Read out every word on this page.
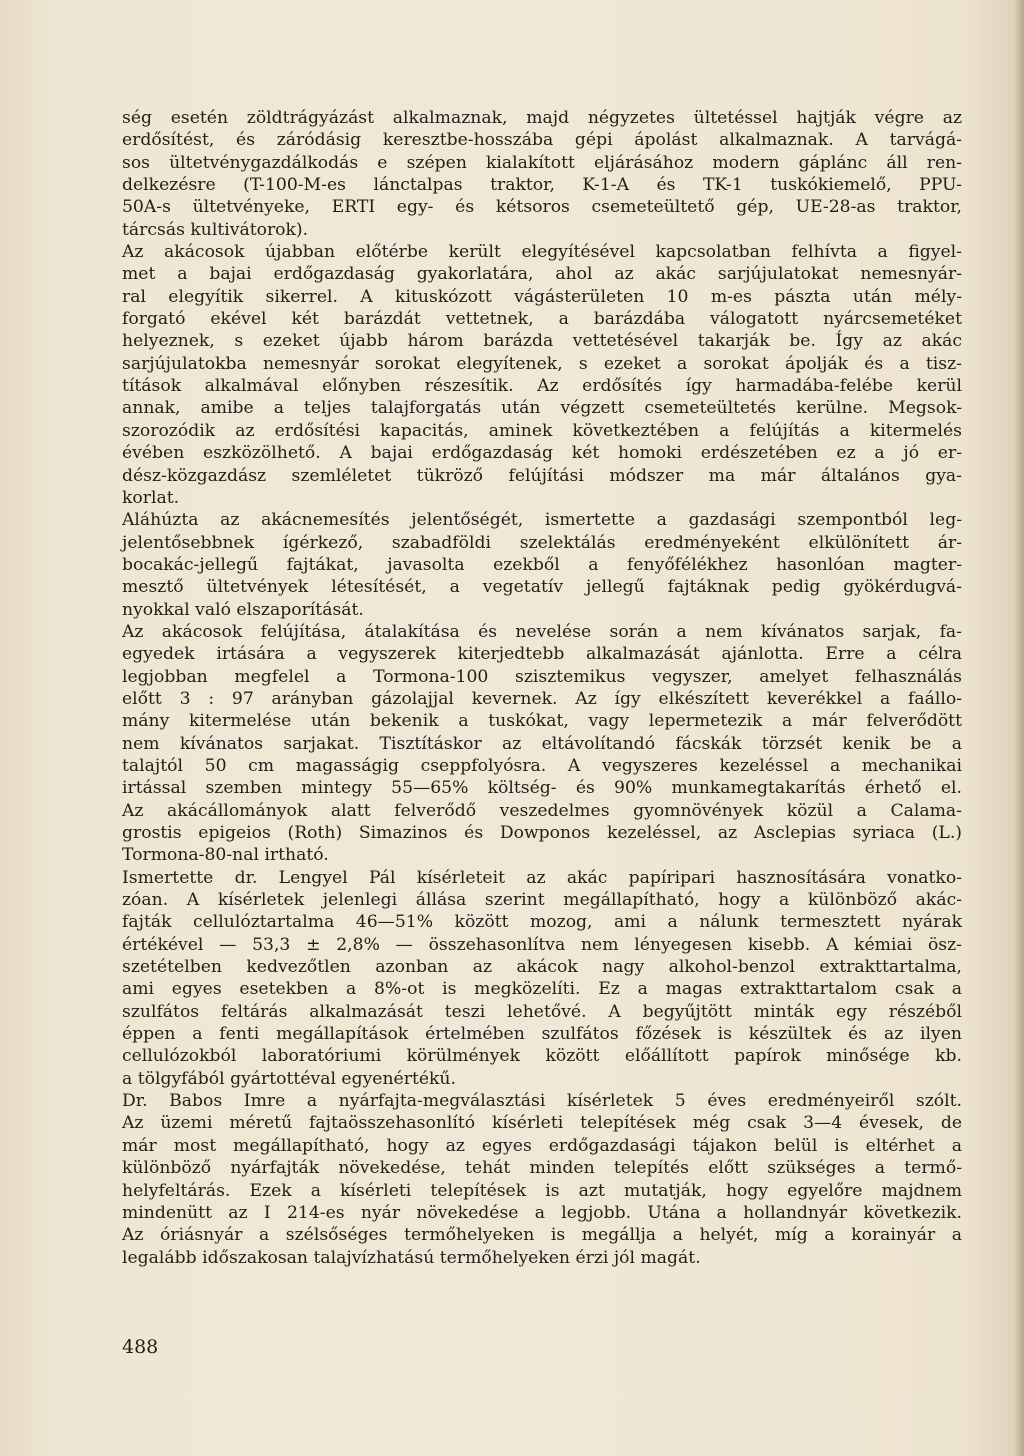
ség esetén zöldtrágyázást alkalmaznak, majd négyzetes ültetéssel hajtják végre az
erdősítést, és záródásig keresztbe-hosszába gépi ápolást alkalmaznak. A tarvágá-
sos ültetvénygazdálkodás e szépen kialakított eljárásához modern gáplánc áll ren-
delkezésre (T-100-M-es lánctalpas traktor, K-1-A és TK-1 tuskókiemelő, PPU-
50A-s ültetvényeke, ERTI egy- és kétsoros csemeteültető gép, UE-28-as traktor,
tárcsás kultivátorok).
Az akácosok újabban előtérbe került elegyítésével kapcsolatban felhívta a figyel-
met a bajai erdőgazdaság gyakorlatára, ahol az akác sarjújulatokat nemesnyár-
ral elegyítik sikerrel. A kituskózott vágásterületen 10 m-es pászta után mély-
forgató ekével két barázdát vettetnek, a barázdába válogatott nyárcsemetéket
helyeznek, s ezeket újabb három barázda vettetésével takarják be. Így az akác
sarjújulatokba nemesnyár sorokat elegyítenek, s ezeket a sorokat ápolják és a tisz-
títások alkalmával előnyben részesítik. Az erdősítés így harmadába-felébe kerül
annak, amibe a teljes talajforgatás után végzett csemeteültetés kerülne. Megsok-
szorozódik az erdősítési kapacitás, aminek következtében a felújítás a kitermelés
évében eszközölhető. A bajai erdőgazdaság két homoki erdészetében ez a jó er-
dész-közgazdász szemléletet tükröző felújítási módszer ma már általános gya-
korlat.
Aláhúzta az akácnemesítés jelentőségét, ismertette a gazdasági szempontból leg-
jelentősebbnek ígérkező, szabadföldi szelektálás eredményeként elkülönített ár-
bocakác-jellegű fajtákat, javasolta ezekből a fenyőfélékhez hasonlóan magter-
mesztő ültetvények létesítését, a vegetatív jellegű fajtáknak pedig gyökérdugvá-
nyokkal való elszaporítását.
Az akácosok felújítása, átalakítása és nevelése során a nem kívánatos sarjak, fa-
egyedek irtására a vegyszerek kiterjedtebb alkalmazását ajánlotta. Erre a célra
legjobban megfelel a Tormona-100 szisztemikus vegyszer, amelyet felhasználás
előtt 3 : 97 arányban gázolajjal kevernek. Az így elkészített keverékkel a faállo-
mány kitermelése után bekenik a tuskókat, vagy lepermetezik a már felverődött
nem kívánatos sarjakat. Tisztításkor az eltávolítandó fácskák törzsét kenik be a
talajtól 50 cm magasságig cseppfolyósra. A vegyszeres kezeléssel a mechanikai
irtással szemben mintegy 55—65% költség- és 90% munkamegtakarítás érhető el.
Az akácállományok alatt felverődő veszedelmes gyomnövények közül a Calama-
grostis epigeios (Roth) Simazinos és Dowponos kezeléssel, az Asclepias syriaca (L.)
Tormona-80-nal irtható.
Ismertette dr. Lengyel Pál kísérleteit az akác papíripari hasznosítására vonatko-
zóan. A kísérletek jelenlegi állása szerint megállapítható, hogy a különböző akác-
fajták cellulóztartalma 46—51% között mozog, ami a nálunk termesztett nyárak
értékével — 53,3 ± 2,8% — összehasonlítva nem lényegesen kisebb. A kémiai ösz-
szetételben kedvezőtlen azonban az akácok nagy alkohol-benzol extrakttartalma,
ami egyes esetekben a 8%-ot is megközelíti. Ez a magas extrakttartalom csak a
szulfátos feltárás alkalmazását teszi lehetővé. A begyűjtött minták egy részéből
éppen a fenti megállapítások értelmében szulfátos főzések is készültek és az ilyen
cellulózokból laboratóriumi körülmények között előállított papírok minősége kb.
a tölgyfából gyártottéval egyenértékű.
Dr. Babos Imre a nyárfajta-megválasztási kísérletek 5 éves eredményeiről szólt.
Az üzemi méretű fajtaösszehasonlító kísérleti telepítések még csak 3—4 évesek, de
már most megállapítható, hogy az egyes erdőgazdasági tájakon belül is eltérhet a
különböző nyárfajták növekedése, tehát minden telepítés előtt szükséges a termő-
helyfeltárás. Ezek a kísérleti telepítések is azt mutatják, hogy egyelőre majdnem
mindenütt az I 214-es nyár növekedése a legjobb. Utána a hollandnyár következik.
Az óriásnyár a szélsőséges termőhelyeken is megállja a helyét, míg a korainyár a
legalább időszakosan talajvízhatású termőhelyeken érzi jól magát.
488
